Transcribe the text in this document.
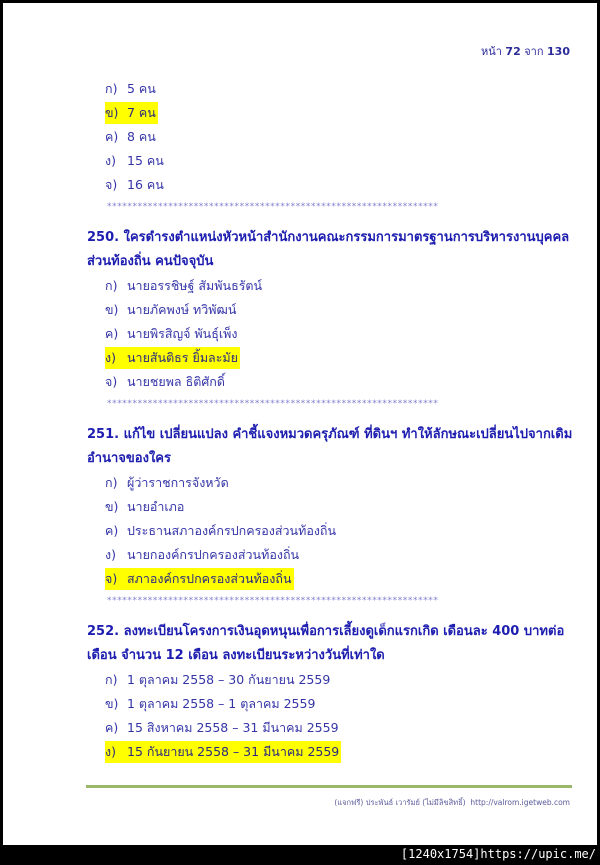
หน้า 72 จาก 130
ก) 5 คน
ข) 7 คน
ค) 8 คน
ง) 15 คน
จ) 16 คน
*****************************************************************
250. ใครดำรงตำแหน่งหัวหน้าสำนักงานคณะกรรมการมาตรฐานการบริหารงานบุคคล
ส่วนท้องถิ่น คนปัจจุบัน
ก) นายอรรชิษฐ์ สัมพันธรัตน์
ข) นายภัคพงษ์ ทวิพัฒน์
ค) นายพิรสิญจ์ พันธุ์เพ็ง
ง) นายสันติธร ยิ้มละมัย
จ) นายชยพล ธิติศักดิ์
*****************************************************************
251. แก้ไข เปลี่ยนแปลง คำชี้แจงหมวดครุภัณฑ์ ที่ดินฯ ทำให้ลักษณะเปลี่ยนไปจากเดิม
อำนาจของใคร
ก) ผู้ว่าราชการจังหวัด
ข) นายอำเภอ
ค) ประธานสภาองค์กรปกครองส่วนท้องถิ่น
ง) นายกองค์กรปกครองส่วนท้องถิ่น
จ) สภาองค์กรปกครองส่วนท้องถิ่น
*****************************************************************
252. ลงทะเบียนโครงการเงินอุดหนุนเพื่อการเลี้ยงดูเด็กแรกเกิด เดือนละ 400 บาทต่อ
เดือน จำนวน 12 เดือน ลงทะเบียนระหว่างวันที่เท่าใด
ก) 1 ตุลาคม 2558 – 30 กันยายน 2559
ข) 1 ตุลาคม 2558 – 1 ตุลาคม 2559
ค) 15 สิงหาคม 2558 – 31 มีนาคม 2559
ง) 15 กันยายน 2558 – 31 มีนาคม 2559
(แจกฟรี) ประพันธ์ เวารัมย์ (ไม่มีลิขสิทธิ์) http://valrom.igetweb.com
[1240x1754]https://upic.me/
